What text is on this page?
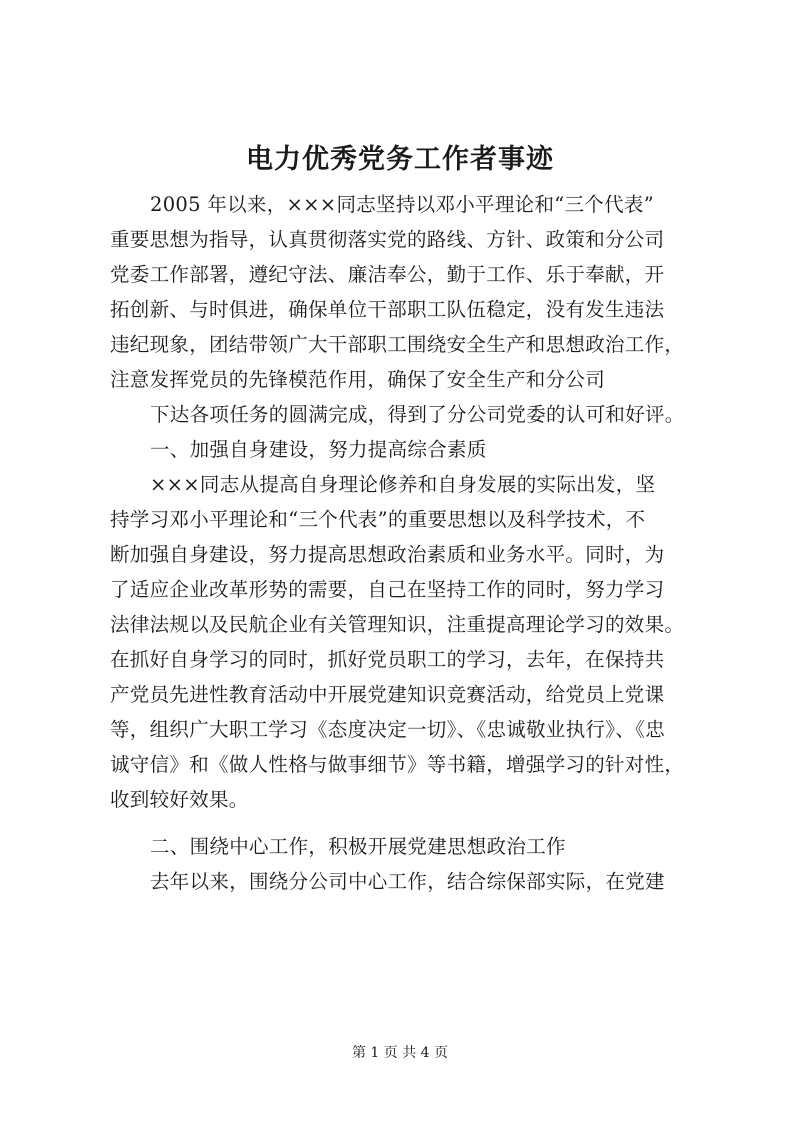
电力优秀党务工作者事迹
2005 年以来，×××同志坚持以邓小平理论和“三个代表”
重要思想为指导，认真贯彻落实党的路线、方针、政策和分公司
党委工作部署，遵纪守法、廉洁奉公，勤于工作、乐于奉献，开
拓创新、与时俱进，确保单位干部职工队伍稳定，没有发生违法
违纪现象，团结带领广大干部职工围绕安全生产和思想政治工作，
注意发挥党员的先锋模范作用，确保了安全生产和分公司
下达各项任务的圆满完成，得到了分公司党委的认可和好评。
一、加强自身建设，努力提高综合素质
×××同志从提高自身理论修养和自身发展的实际出发，坚
持学习邓小平理论和“三个代表”的重要思想以及科学技术，不
断加强自身建设，努力提高思想政治素质和业务水平。同时，为
了适应企业改革形势的需要，自己在坚持工作的同时，努力学习
法律法规以及民航企业有关管理知识，注重提高理论学习的效果。
在抓好自身学习的同时，抓好党员职工的学习，去年，在保持共
产党员先进性教育活动中开展党建知识竞赛活动，给党员上党课
等，组织广大职工学习《态度决定一切》、《忠诚敬业执行》、《忠
诚守信》和《做人性格与做事细节》等书籍，增强学习的针对性，
收到较好效果。
二、围绕中心工作，积极开展党建思想政治工作
去年以来，围绕分公司中心工作，结合综保部实际，在党建
第 1 页 共 4 页
